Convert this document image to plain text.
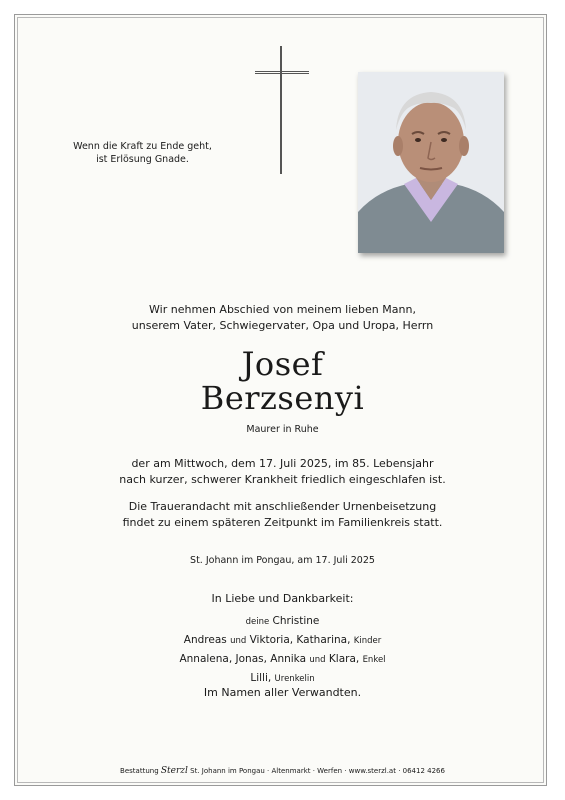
Wenn die Kraft zu Ende geht,
ist Erlösung Gnade.
Wir nehmen Abschied von meinem lieben Mann,
unserem Vater, Schwiegervater, Opa und Uropa, Herrn
Josef
Berzsenyi
Maurer in Ruhe
der am Mittwoch, dem 17. Juli 2025, im 85. Lebensjahr
nach kurzer, schwerer Krankheit friedlich eingeschlafen ist.
Die Trauerandacht mit anschließender Urnenbeisetzung
findet zu einem späteren Zeitpunkt im Familienkreis statt.
St. Johann im Pongau, am 17. Juli 2025
In Liebe und Dankbarkeit:
deine Christine
Andreas und Viktoria, Katharina, Kinder
Annalena, Jonas, Annika und Klara, Enkel
Lilli, Urenkelin
Im Namen aller Verwandten.
Bestattung Sterzl St. Johann im Pongau · Altenmarkt · Werfen · www.sterzl.at · 06412 4266
